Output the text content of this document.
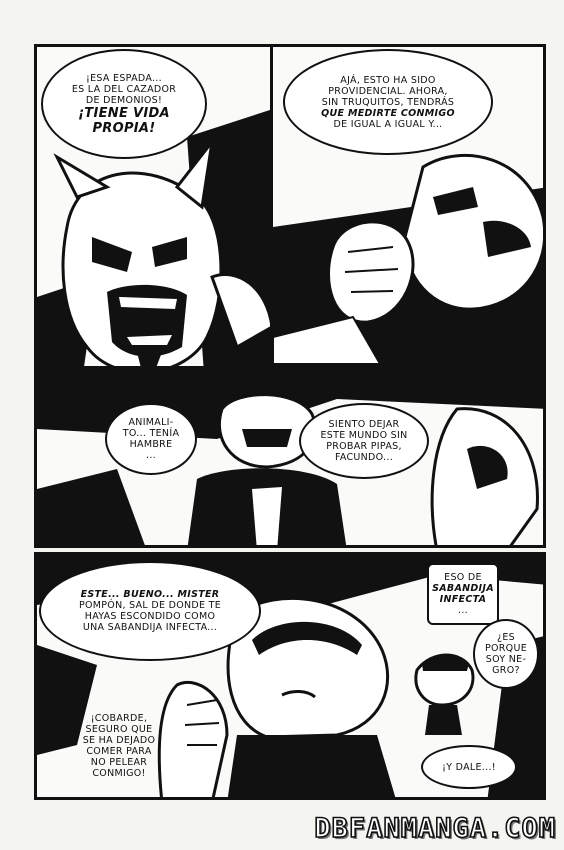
¡ESA ESPADA...
ES LA DEL CAZADOR
DE DEMONIOS!
¡TIENE VIDA
PROPIA!
AJÁ, ESTO HA SIDO
PROVIDENCIAL. AHORA,
SIN TRUQUITOS, TENDRÁS
QUE MEDIRTE CONMIGO
DE IGUAL A IGUAL Y...
ANIMALI-
TO... TENÍA
HAMBRE
...
SIENTO DEJAR
ESTE MUNDO SIN
PROBAR PIPAS,
FACUNDO...
ESTE... BUENO... MISTER
POMPÓN, SAL DE DONDE TE
HAYAS ESCONDIDO COMO
UNA SABANDIJA INFECTA...
ESO DE
SABANDIJA
INFECTA
...
¿ES
PORQUE
SOY NE-
GRO?
¡COBARDE,
SEGURO QUE
SE HA DEJADO
COMER PARA
NO PELEAR
CONMIGO!
¡Y DALE...!
DBFANMANGA.COM
